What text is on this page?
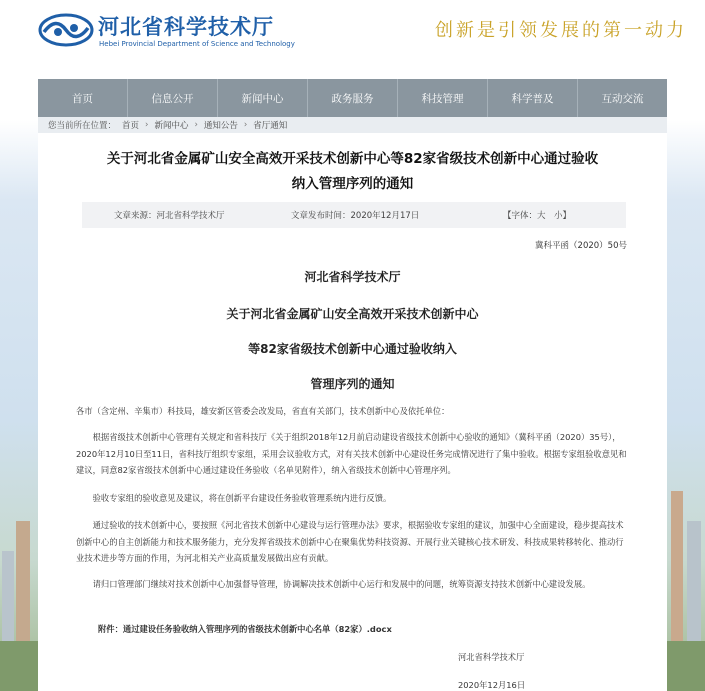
河北省科学技术厅
Hebei Provincial Department of Science and Technology
创新是引领发展的第一动力
首页	信息公开	新闻中心	政务服务	科技管理	科学普及	互动交流
您当前所在位置： 首页 › 新闻中心 › 通知公告 › 省厅通知
关于河北省金属矿山安全高效开采技术创新中心等82家省级技术创新中心通过验收
纳入管理序列的通知
文章来源：河北省科学技术厅	文章发布时间：2020年12月17日	【字体：大　小】
冀科平函（2020）50号
河北省科学技术厅
关于河北省金属矿山安全高效开采技术创新中心
等82家省级技术创新中心通过验收纳入
管理序列的通知
各市（含定州、辛集市）科技局，雄安新区管委会改发局，省直有关部门，技术创新中心及依托单位：
根据省级技术创新中心管理有关规定和省科技厅《关于组织2018年12月前启动建设省级技术创新中心验收的通知》（冀科平函（2020）35号），2020年12月10日至11日，省科技厅组织专家组，采用会议验收方式，对有关技术创新中心建设任务完成情况进行了集中验收。根据专家组验收意见和建议，同意82家省级技术创新中心通过建设任务验收（名单见附件），纳入省级技术创新中心管理序列。
验收专家组的验收意见及建议，将在创新平台建设任务验收管理系统内进行反馈。
通过验收的技术创新中心，要按照《河北省技术创新中心建设与运行管理办法》要求，根据验收专家组的建议，加强中心全面建设，稳步提高技术创新中心的自主创新能力和技术服务能力，充分发挥省级技术创新中心在聚集优势科技资源、开展行业关键核心技术研发、科技成果转移转化、推动行业技术进步等方面的作用，为河北相关产业高质量发展做出应有贡献。
请归口管理部门继续对技术创新中心加强督导管理，协调解决技术创新中心运行和发展中的问题，统筹资源支持技术创新中心建设发展。
附件：通过建设任务验收纳入管理序列的省级技术创新中心名单（82家）.docx
河北省科学技术厅
2020年12月16日
